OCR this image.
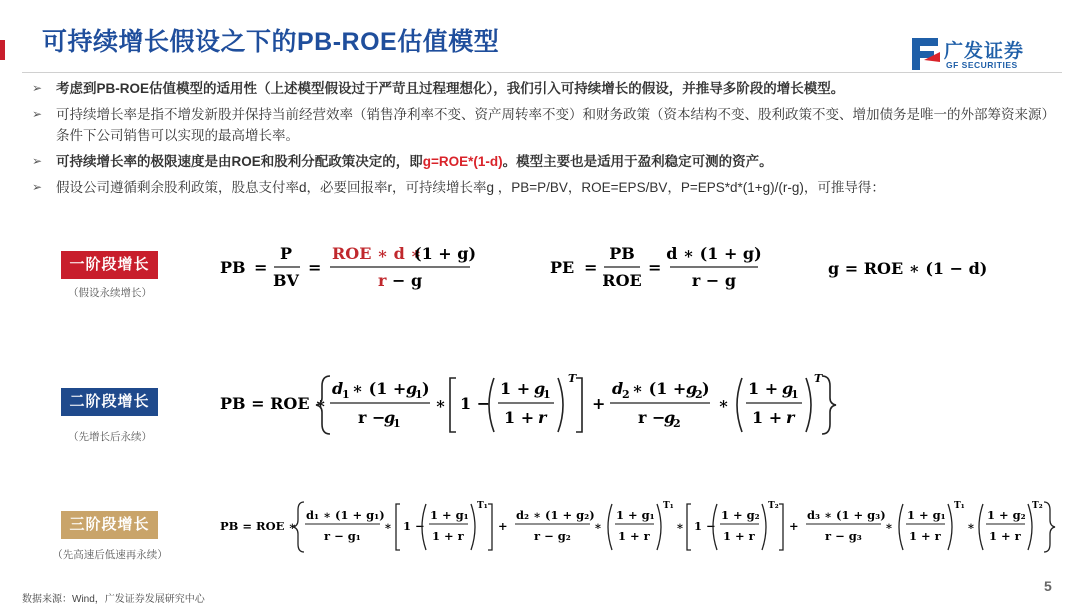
可持续增长假设之下的PB-ROE估值模型	广发证券
GF SECURITIES
➢ 考虑到PB-ROE估值模型的适用性（上述模型假设过于严苛且过程理想化），我们引入可持续增长的假设，并推导多阶段的增长模型。
➢ 可持续增长率是指不增发新股并保持当前经营效率（销售净利率不变、资产周转率不变）和财务政策（资本结构不变、股利政策不变、增加债务是唯一的外部筹资来源）条件下公司销售可以实现的最高增长率。
➢ 可持续增长率的极限速度是由ROE和股利分配政策决定的，即g=ROE*(1-d)。模型主要也是适用于盈利稳定可测的资产。
➢ 假设公司遵循剩余股利政策，股息支付率d，必要回报率r，可持续增长率g ，PB=P/BV，ROE=EPS/BV，P=EPS*d*(1+g)/(r-g)，可推导得：
一阶段增长
（假设永续增长）
二阶段增长
（先增长后永续）
三阶段增长
（先高速后低速再永续）
PB =
P
BV
=
ROE ∗ d ∗
(1 + g)
r − g
PE =
PB
ROE
=
d ∗ (1 + g)
r − g
g = ROE ∗ (1 − d)
PB = ROE ∗
d
1 ∗ (1 + g
1 )
r −
g
1
∗ 1 −
1 + g
1
1 + r
T
+
d
2 ∗ (1 + g
2 )
r −
g
2
∗
1 + g
1
1 + r
T
PB = ROE ∗
d₁ ∗ (1 + g₁)
r − g₁
∗ 1 −
1 + g₁
1 + r
T₁
+
d₂ ∗ (1 + g₂)
r − g₂
∗
1 + g₁
1 + r
T₁
∗ 1 −
1 + g₂
1 + r
T₂
+
d₃ ∗ (1 + g₃)
r − g₃
∗
1 + g₁
1 + r
T₁
∗
1 + g₂
1 + r
T₂
数据来源：Wind，广发证券发展研究中心
5
